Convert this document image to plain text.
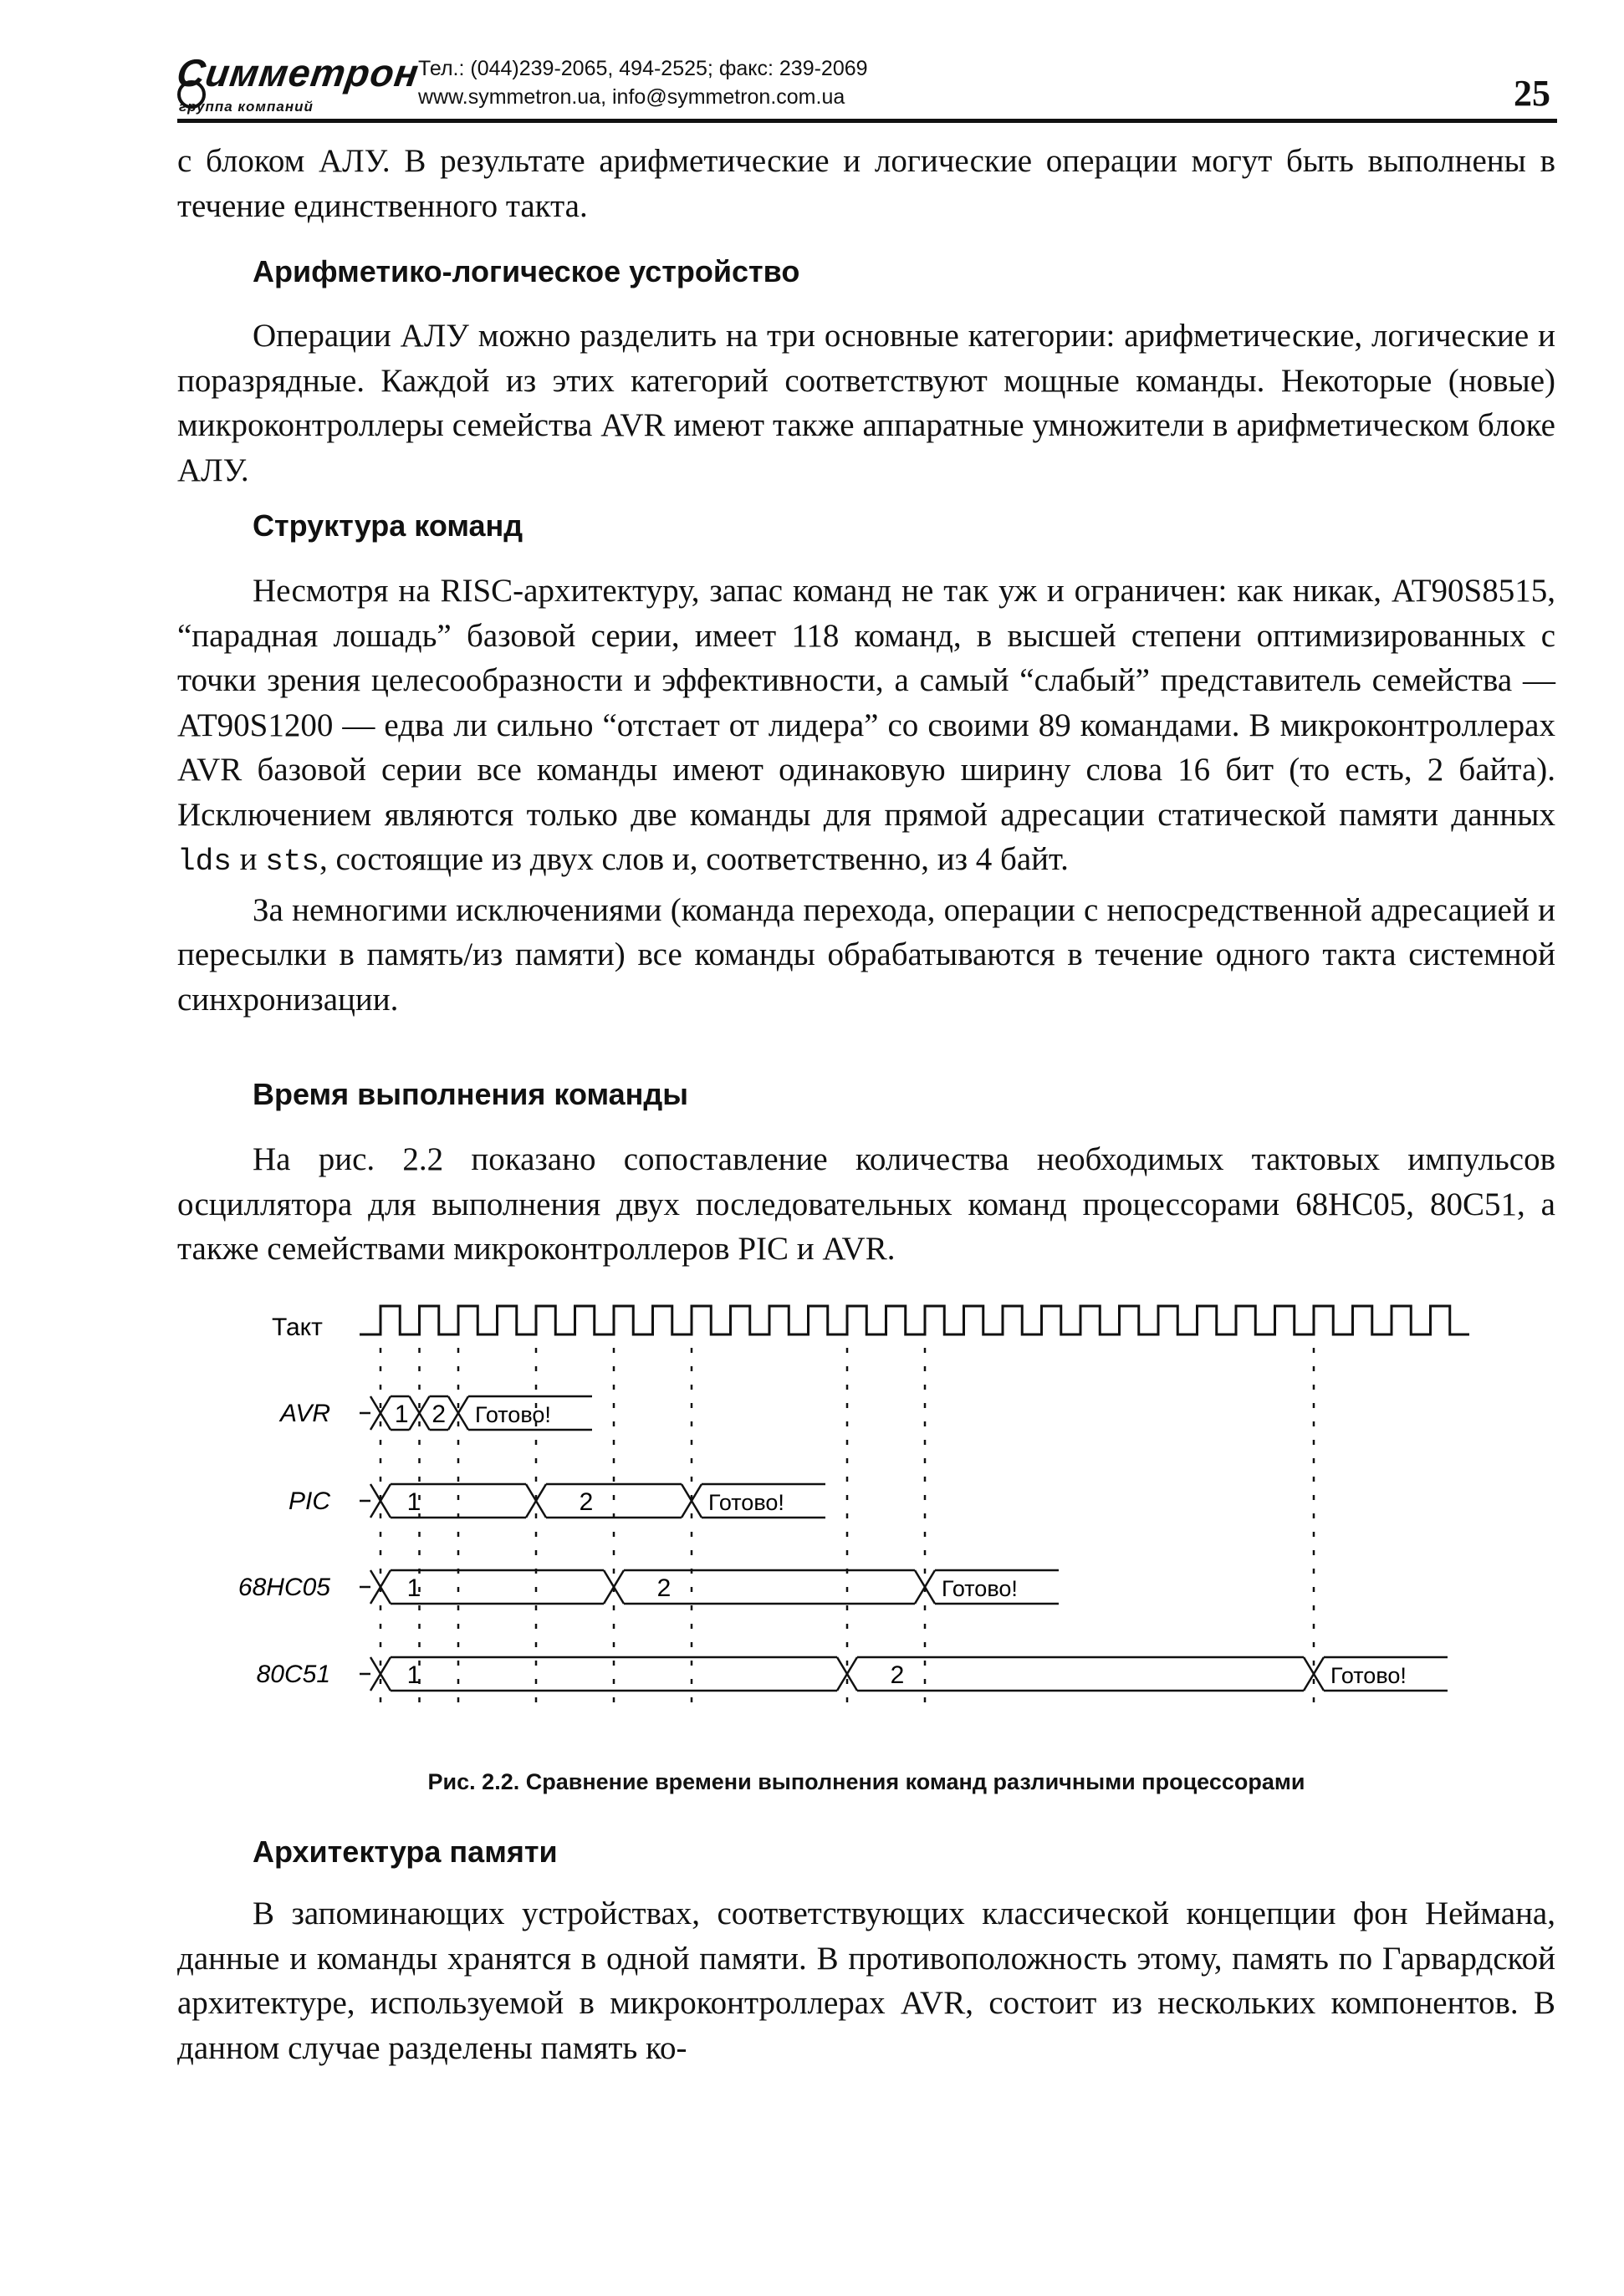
Симметрон
группа компаний
Тел.: (044)239-2065, 494-2525; факс: 239-2069
www.symmetron.ua, info@symmetron.com.ua	25

с блоком АЛУ. В результате арифметические и логические операции могут быть выполнены в течение единственного такта.

Арифметико-логическое устройство

Операции АЛУ можно разделить на три основные категории: арифметические, логические и поразрядные. Каждой из этих категорий соответствуют мощные команды. Некоторые (новые) микроконтроллеры семейства AVR имеют также аппаратные умножители в арифметическом блоке АЛУ.

Структура команд

Несмотря на RISC-архитектуру, запас команд не так уж и ограничен: как никак, AT90S8515, “парадная лошадь” базовой серии, имеет 118 команд, в высшей степени оптимизированных с точки зрения целесообразности и эффективности, а самый “слабый” представитель семейства — AT90S1200 — едва ли сильно “отстает от лидера” со своими 89 командами. В микроконтроллерах AVR базовой серии все команды имеют одинаковую ширину слова 16 бит (то есть, 2 байта). Исключением являются только две команды для прямой адресации статической памяти данных lds и sts, состоящие из двух слов и, соответственно, из 4 байт.

За немногими исключениями (команда перехода, операции с непосредственной адресацией и пересылки в память/из памяти) все команды обрабатываются в течение одного такта системной синхронизации.

Время выполнения команды

На рис. 2.2 показано сопоставление количества необходимых тактовых импульсов осциллятора для выполнения двух последовательных команд процессорами 68HC05, 80C51, а также семействами микроконтроллеров PIC и AVR.

Такт
AVR	1 2 Готово!
PIC	1	2	Готово!
68HC05	1	2	Готово!
80C51	1	2	Готово!
Рис. 2.2. Сравнение времени выполнения команд различными процессорами
Архитектура памяти

В запоминающих устройствах, соответствующих классической концепции фон Неймана, данные и команды хранятся в одной памяти. В противоположность этому, память по Гарвардской архитектуре, используемой в микроконтроллерах AVR, состоит из нескольких компонентов. В данном случае разделены память ко-
